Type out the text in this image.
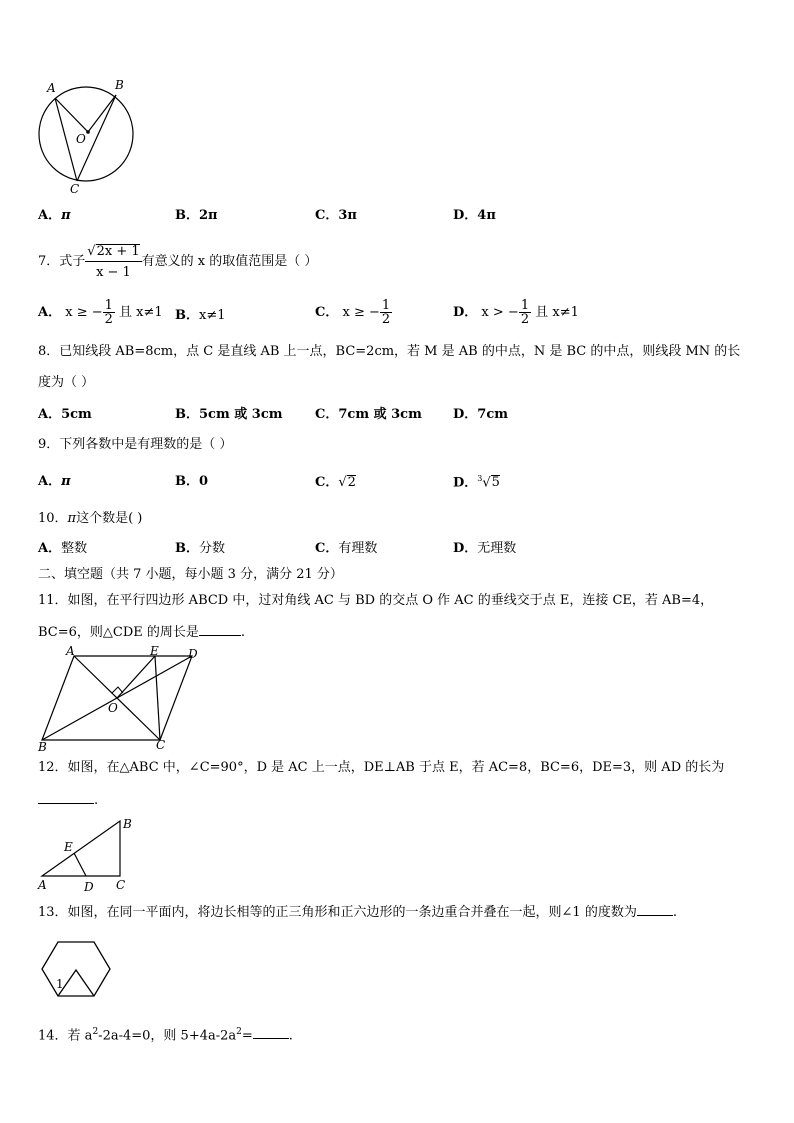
A	B
O
C
A．π	B．2π	C．3π	D．4π
7．式子 $\frac{√2x + 1}{x - 1}$ 有意义的 x 的取值范围是（ ）
A． x ≥ − $\frac{1}{2}$ 且 x≠1 B．x≠1	C． x ≥ − $\frac{1}{2}$	D． x > − $\frac{1}{2}$ 且 x≠1
8．已知线段 AB=8cm，点 C 是直线 AB 上一点，BC=2cm，若 M 是 AB 的中点，N 是 BC 的中点，则线段 MN 的长
度为（ ）
A．5cm	B．5cm 或 3cm	C．7cm 或 3cm D．7cm
9．下列各数中是有理数的是（ ）
A．π	B．0	C．√2	D．$^3$√5
10．π这个数是( )
A．整数	B．分数	C．有理数	D．无理数
二、填空题（共 7 小题，每小题 3 分，满分 21 分）
11．如图，在平行四边形 ABCD 中，过对角线 AC 与 BD 的交点 O 作 AC 的垂线交于点 E，连接 CE，若 AB=4，
BC=6，则△CDE 的周长是	.
A	E D
O
B	C
12．如图，在△ABC 中，∠C=90°，D 是 AC 上一点，DE⊥AB 于点 E，若 AC=8，BC=6，DE=3，则 AD 的长为
.
B
E
A	D C
13．如图，在同一平面内，将边长相等的正三角形和正六边形的一条边重合并叠在一起，则∠1 的度数为	.
1
14．若 $a^2-2a-4=0$，则 $5+4a-2a^2=$	.
